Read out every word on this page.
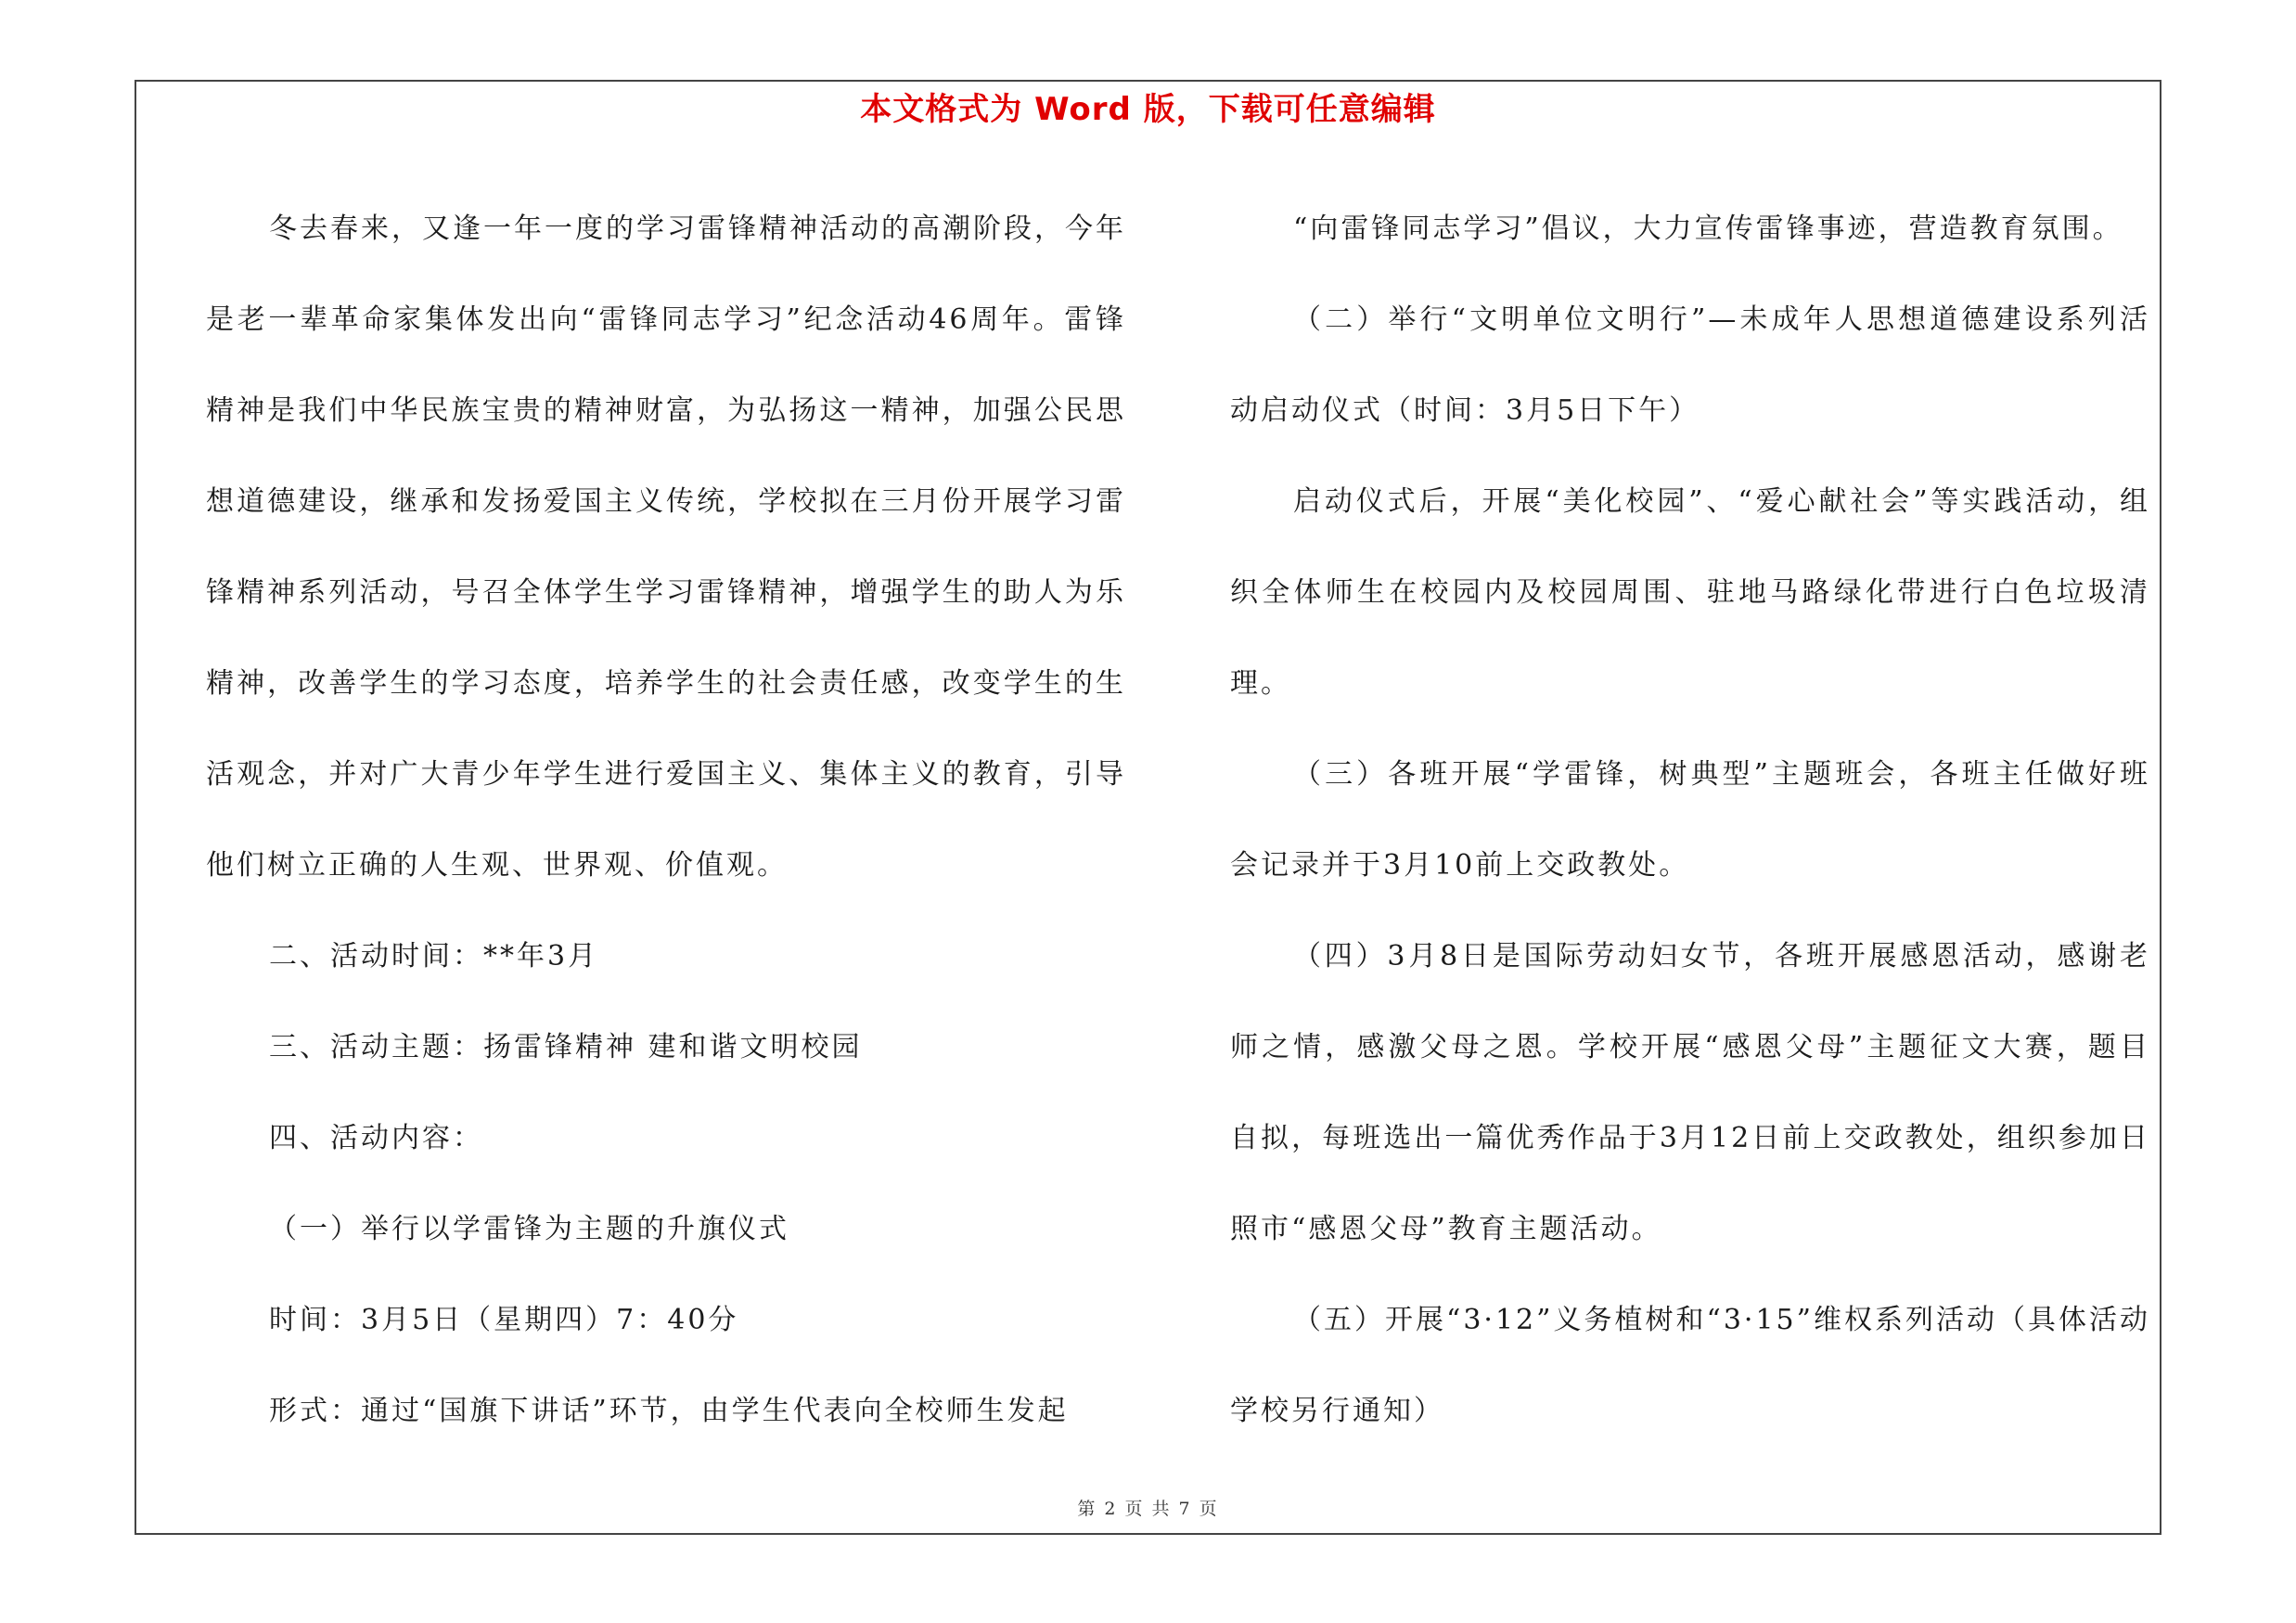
本文格式为 Word 版，下载可任意编辑

冬去春来，又逢一年一度的学习雷锋精神活动的高潮阶段，今年是老一辈革命家集体发出向“雷锋同志学习”纪念活动46周年。雷锋精神是我们中华民族宝贵的精神财富，为弘扬这一精神，加强公民思想道德建设，继承和发扬爱国主义传统，学校拟在三月份开展学习雷锋精神系列活动，号召全体学生学习雷锋精神，增强学生的助人为乐精神，改善学生的学习态度，培养学生的社会责任感，改变学生的生活观念，并对广大青少年学生进行爱国主义、集体主义的教育，引导他们树立正确的人生观、世界观、价值观。

二、活动时间：**年3月

三、活动主题：扬雷锋精神 建和谐文明校园

四、活动内容：

（一）举行以学雷锋为主题的升旗仪式

时间：3月5日（星期四）7：40分

形式：通过“国旗下讲话”环节，由学生代表向全校师生发起

“向雷锋同志学习”倡议，大力宣传雷锋事迹，营造教育氛围。

（二）举行“文明单位文明行”—未成年人思想道德建设系列活动启动仪式（时间：3月5日下午）

启动仪式后，开展“美化校园”、“爱心献社会”等实践活动，组织全体师生在校园内及校园周围、驻地马路绿化带进行白色垃圾清理。

（三）各班开展“学雷锋，树典型”主题班会，各班主任做好班会记录并于3月10前上交政教处。

（四）3月8日是国际劳动妇女节，各班开展感恩活动，感谢老师之情，感激父母之恩。学校开展“感恩父母”主题征文大赛，题目自拟，每班选出一篇优秀作品于3月12日前上交政教处，组织参加日照市“感恩父母”教育主题活动。

（五）开展“3·12”义务植树和“3·15”维权系列活动（具体活动学校另行通知）

第 2 页 共 7 页
